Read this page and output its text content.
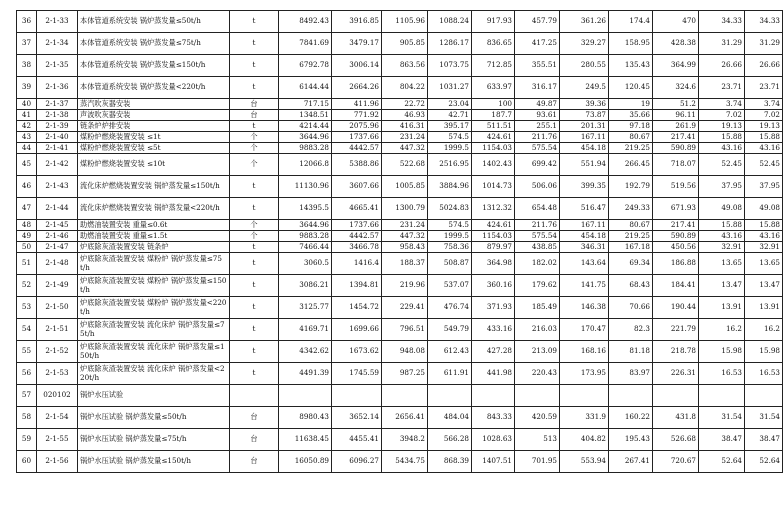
36	2-1-33	本体管道系统安装 锅炉蒸发量≤50t/h	t	8492.43	3916.85	1105.96	1088.24	917.93	457.79	361.26	174.4	470	34.33	34.33
37	2-1-34	本体管道系统安装 锅炉蒸发量≤75t/h	t	7841.69	3479.17	905.85	1286.17	836.65	417.25	329.27	158.95	428.38	31.29	31.29
38	2-1-35	本体管道系统安装 锅炉蒸发量≤150t/h	t	6792.78	3006.14	863.56	1073.75	712.85	355.51	280.55	135.43	364.99	26.66	26.66
39	2-1-36	本体管道系统安装 锅炉蒸发量<220t/h	t	6144.44	2664.26	804.22	1031.27	633.97	316.17	249.5	120.45	324.6	23.71	23.71
40	2-1-37	蒸汽吹灰器安装	台	717.15	411.96	22.72	23.04	100	49.87	39.36	19	51.2	3.74	3.74
41	2-1-38	声波吹灰器安装	台	1348.51	771.92	46.93	42.71	187.7	93.61	73.87	35.66	96.11	7.02	7.02
42	2-1-39	链条炉炉排安装	t	4214.44	2075.96	416.31	395.17	511.51	255.1	201.31	97.18	261.9	19.13	19.13
43	2-1-40	煤粉炉燃烧装置安装 ≤1t	个	3644.96	1737.66	231.24	574.5	424.61	211.76	167.11	80.67	217.41	15.88	15.88
44	2-1-41	煤粉炉燃烧装置安装 ≤5t	个	9883.28	4442.57	447.32	1999.5	1154.03	575.54	454.18	219.25	590.89	43.16	43.16
45	2-1-42	煤粉炉燃烧装置安装 ≤10t	个	12066.8	5388.86	522.68	2516.95	1402.43	699.42	551.94	266.45	718.07	52.45	52.45
46	2-1-43	流化床炉燃烧装置安装 锅炉蒸发量≤150t/h	t	11130.96	3607.66	1005.85	3884.96	1014.73	506.06	399.35	192.79	519.56	37.95	37.95
47	2-1-44	流化床炉燃烧装置安装 锅炉蒸发量<220t/h	t	14395.5	4665.41	1300.79	5024.83	1312.32	654.48	516.47	249.33	671.93	49.08	49.08
48	2-1-45	助燃油装置安装 重量≤0.6t	个	3644.96	1737.66	231.24	574.5	424.61	211.76	167.11	80.67	217.41	15.88	15.88
49	2-1-46	助燃油装置安装 重量≤1.5t	个	9883.28	4442.57	447.32	1999.5	1154.03	575.54	454.18	219.25	590.89	43.16	43.16
50	2-1-47	炉底除灰渣装置安装 链条炉	t	7466.44	3466.78	958.43	758.36	879.97	438.85	346.31	167.18	450.56	32.91	32.91
51	2-1-48	炉底除灰渣装置安装 煤粉炉 锅炉蒸发量≤75t/h	t	3060.5	1416.4	188.37	508.87	364.98	182.02	143.64	69.34	186.88	13.65	13.65
52	2-1-49	炉底除灰渣装置安装 煤粉炉 锅炉蒸发量≤150t/h	t	3086.21	1394.81	219.96	537.07	360.16	179.62	141.75	68.43	184.41	13.47	13.47
53	2-1-50	炉底除灰渣装置安装 煤粉炉 锅炉蒸发量<220t/h	t	3125.77	1454.72	229.41	476.74	371.93	185.49	146.38	70.66	190.44	13.91	13.91
54	2-1-51	炉底除灰渣装置安装 流化床炉 锅炉蒸发量≤75t/h	t	4169.71	1699.66	796.51	549.79	433.16	216.03	170.47	82.3	221.79	16.2	16.2
55	2-1-52	炉底除灰渣装置安装 流化床炉 锅炉蒸发量≤150t/h	t	4342.62	1673.62	948.08	612.43	427.28	213.09	168.16	81.18	218.78	15.98	15.98
56	2-1-53	炉底除灰渣装置安装 流化床炉 锅炉蒸发量<220t/h	t	4491.39	1745.59	987.25	611.91	441.98	220.43	173.95	83.97	226.31	16.53	16.53
57	020102	锅炉水压试验												
58	2-1-54	锅炉水压试验 锅炉蒸发量≤50t/h	台	8980.43	3652.14	2656.41	484.04	843.33	420.59	331.9	160.22	431.8	31.54	31.54
59	2-1-55	锅炉水压试验 锅炉蒸发量≤75t/h	台	11638.45	4455.41	3948.2	566.28	1028.63	513	404.82	195.43	526.68	38.47	38.47
60	2-1-56	锅炉水压试验 锅炉蒸发量≤150t/h	台	16050.89	6096.27	5434.75	868.39	1407.51	701.95	553.94	267.41	720.67	52.64	52.64
